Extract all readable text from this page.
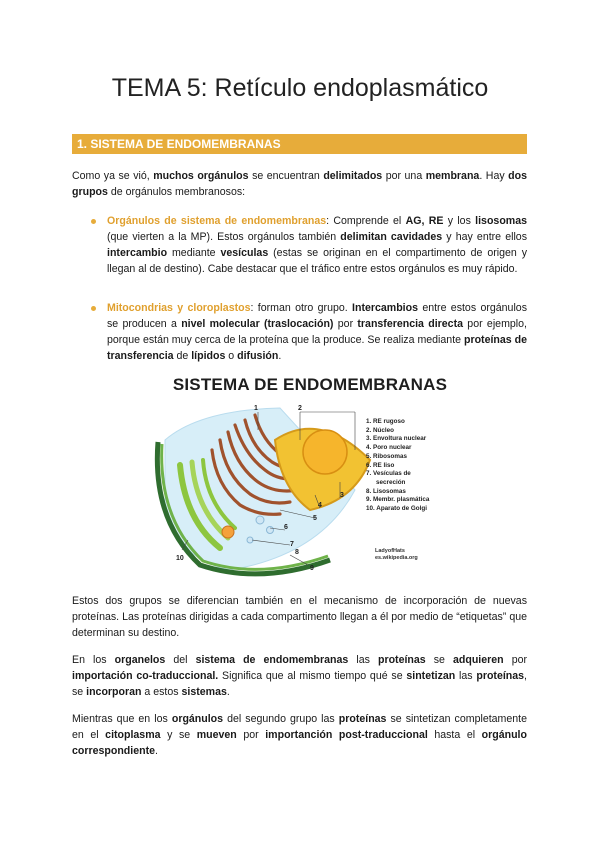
TEMA 5: Retículo endoplasmático
1. SISTEMA DE ENDOMEMBRANAS

Como ya se vió, muchos orgánulos se encuentran delimitados por una membrana. Hay dos grupos de orgánulos membranosos:

Orgánulos de sistema de endomembranas: Comprende el AG, RE y los lisosomas (que vierten a la MP). Estos orgánulos también delimitan cavidades y hay entre ellos intercambio mediante vesículas (estas se originan en el compartimento de origen y llegan al de destino). Cabe destacar que el tráfico entre estos orgánulos es muy rápido.

Mitocondrias y cloroplastos: forman otro grupo. Intercambios entre estos orgánulos se producen a nivel molecular (traslocación) por transferencia directa por ejemplo, porque están muy cerca de la proteína que la produce. Se realiza mediante proteínas de transferencia de lípidos o difusión.

SISTEMA DE ENDOMEMBRANAS
1	2
3
4
5
6
7
8
9
10
1. RE rugoso
2. Núcleo
3. Envoltura nuclear
4. Poro nuclear
5. Ribosomas
6. RE liso
7. Vesículas de
secreción
8. Lisosomas
9. Membr. plasmática
10. Aparato de Golgi
LadyofHats
es.wikipedia.org

Estos dos grupos se diferencian también en el mecanismo de incorporación de nuevas proteínas. Las proteínas dirigidas a cada compartimento llegan a él por medio de “etiquetas” que determinan su destino.

En los organelos del sistema de endomembranas las proteínas se adquieren por importación co-traduccional. Significa que al mismo tiempo qué se sintetizan las proteínas, se incorporan a estos sistemas.

Mientras que en los orgánulos del segundo grupo las proteínas se sintetizan completamente en el citoplasma y se mueven por importanción post-traduccional hasta el orgánulo correspondiente.
